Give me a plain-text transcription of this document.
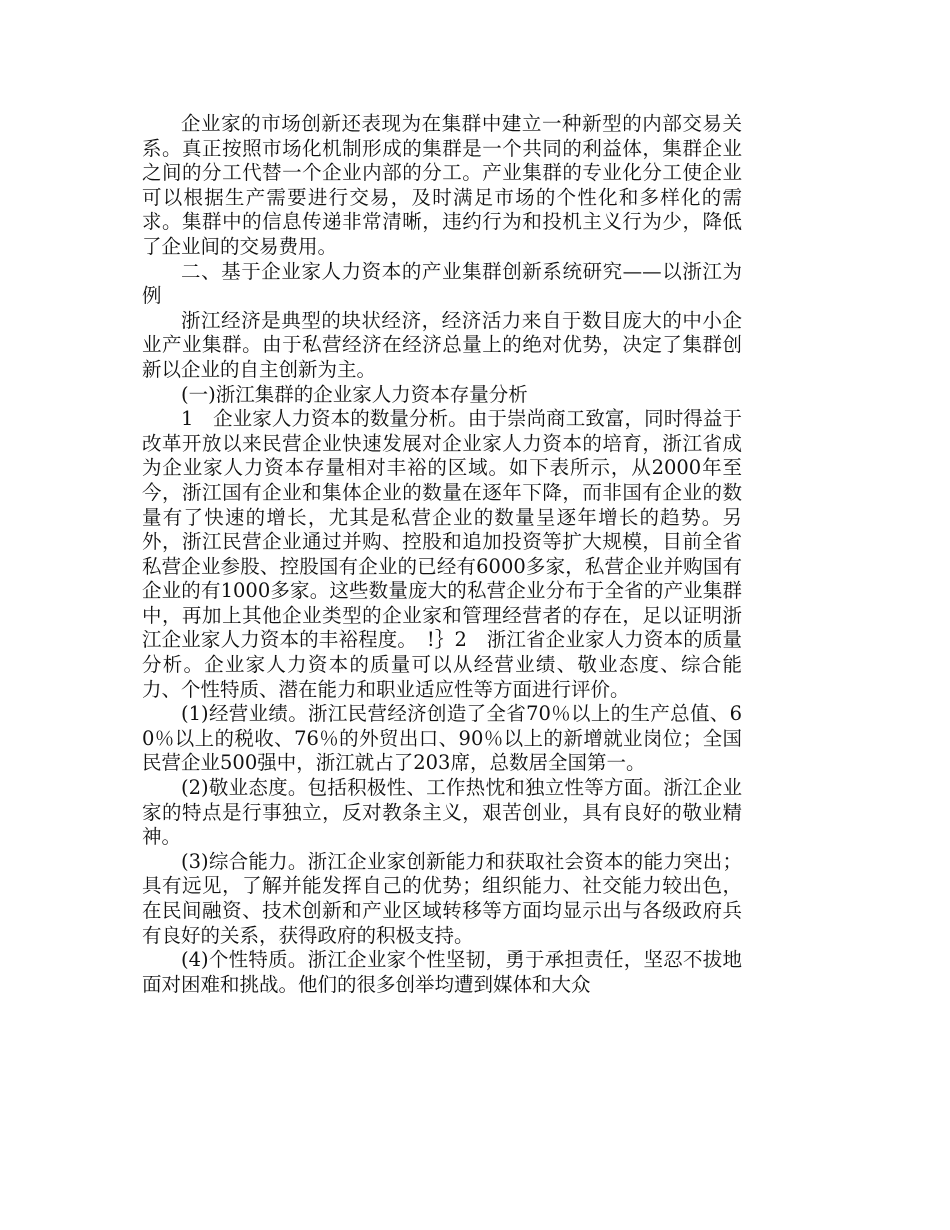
企业家的市场创新还表现为在集群中建立一种新型的内部交易关系。真正按照市场化机制形成的集群是一个共同的利益体，集群企业之间的分工代替一个企业内部的分工。产业集群的专业化分工使企业可以根据生产需要进行交易，及时满足市场的个性化和多样化的需求。集群中的信息传递非常清晰，违约行为和投机主义行为少，降低了企业间的交易费用。

二、基于企业家人力资本的产业集群创新系统研究——以浙江为例

浙江经济是典型的块状经济，经济活力来自于数目庞大的中小企业产业集群。由于私营经济在经济总量上的绝对优势，决定了集群创新以企业的自主创新为主。

(一)浙江集群的企业家人力资本存量分析

1　企业家人力资本的数量分析。由于崇尚商工致富，同时得益于改革开放以来民营企业快速发展对企业家人力资本的培育，浙江省成为企业家人力资本存量相对丰裕的区域。如下表所示，从2000年至今，浙江国有企业和集体企业的数量在逐年下降，而非国有企业的数量有了快速的增长，尤其是私营企业的数量呈逐年增长的趋势。另外，浙江民营企业通过并购、控股和追加投资等扩大规模，目前全省私营企业参股、控股国有企业的已经有6000多家，私营企业并购国有企业的有1000多家。这些数量庞大的私营企业分布于全省的产业集群中，再加上其他企业类型的企业家和管理经营者的存在，足以证明浙江企业家人力资本的丰裕程度。　!｝2　浙江省企业家人力资本的质量分析。企业家人力资本的质量可以从经营业绩、敬业态度、综合能力、个性特质、潜在能力和职业适应性等方面进行评价。

(1)经营业绩。浙江民营经济创造了全省70％以上的生产总值、60％以上的税收、76％的外贸出口、90％以上的新增就业岗位；全国民营企业500强中，浙江就占了203席，总数居全国第一。

(2)敬业态度。包括积极性、工作热忱和独立性等方面。浙江企业家的特点是行事独立，反对教条主义，艰苦创业，具有良好的敬业精神。

(3)综合能力。浙江企业家创新能力和获取社会资本的能力突出；具有远见，了解并能发挥自己的优势；组织能力、社交能力较出色，在民间融资、技术创新和产业区域转移等方面均显示出与各级政府兵有良好的关系，获得政府的积极支持。

(4)个性特质。浙江企业家个性坚韧，勇于承担责任，坚忍不拔地面对困难和挑战。他们的很多创举均遭到媒体和大众
